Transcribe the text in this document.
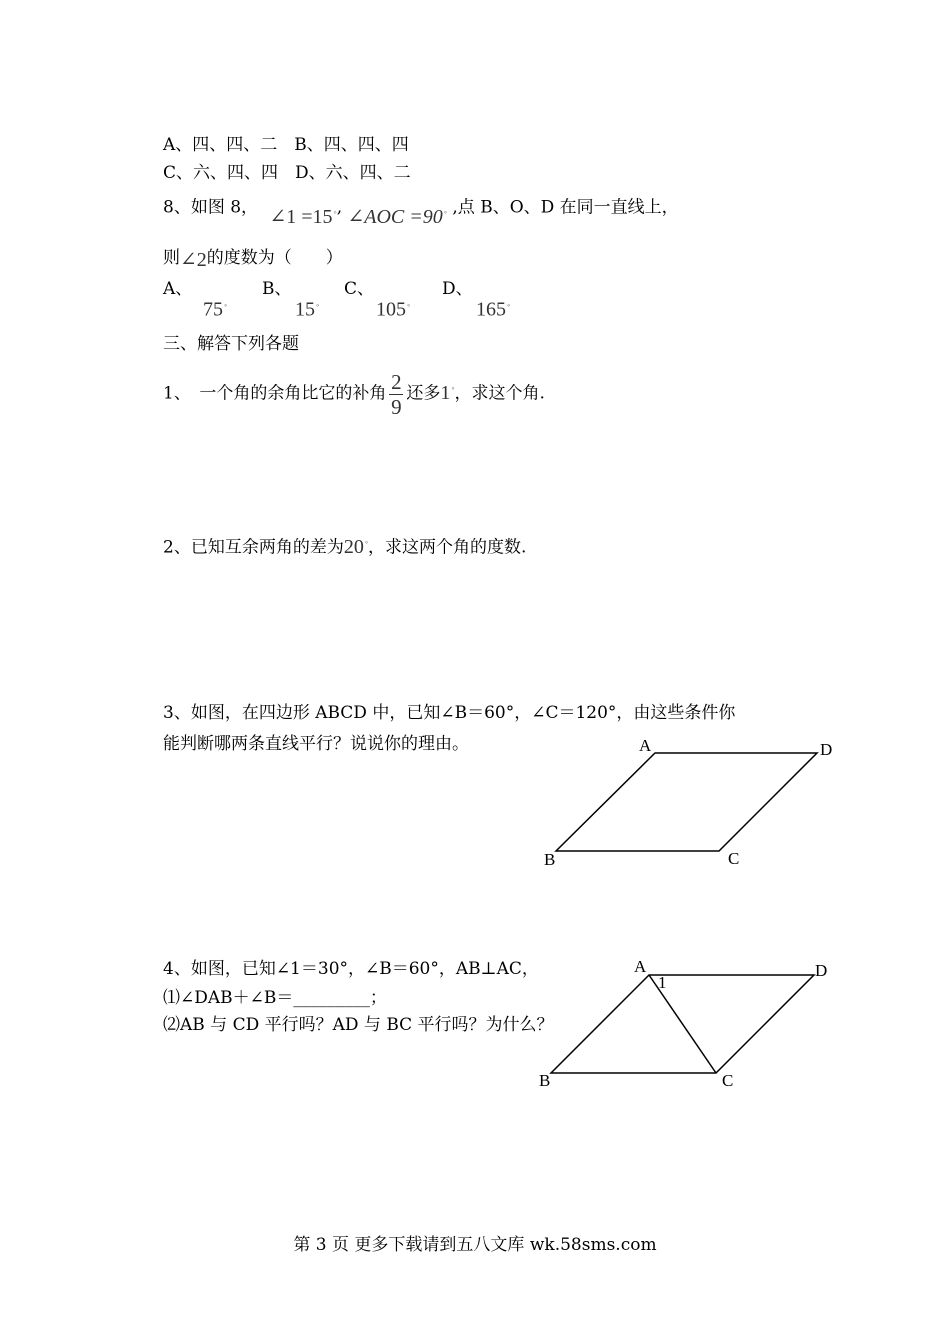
A、四、四、二　B、四、四、四
C、六、四、四　D、六、四、二
8、如图 8， ∠1 =15◦, ∠AOC =90◦ ,点 B、O、D 在同一直线上，
则∠2的度数为（　　）
A、
75◦
B、
15◦
C、
105◦
D、
165◦
三、解答下列各题
1、　一个角的余角比它的补角 $\frac{2}{9}$ 还多1◦，求这个角.
2、已知互余两角的差为20◦，求这两个角的度数.
3、如图，在四边形 ABCD 中，已知∠B＝60°，∠C＝120°，由这些条件你
能判断哪两条直线平行？说说你的理由。	A	D
B	C
4、如图，已知∠1＝30°，∠B＝60°，AB⊥AC，
⑴∠DAB＋∠B＝_________；
⑵AB 与 CD 平行吗？AD 与 BC 平行吗？为什么？
A
1
D
B	C
第 3 页 更多下载请到五八文库 wk.58sms.com
